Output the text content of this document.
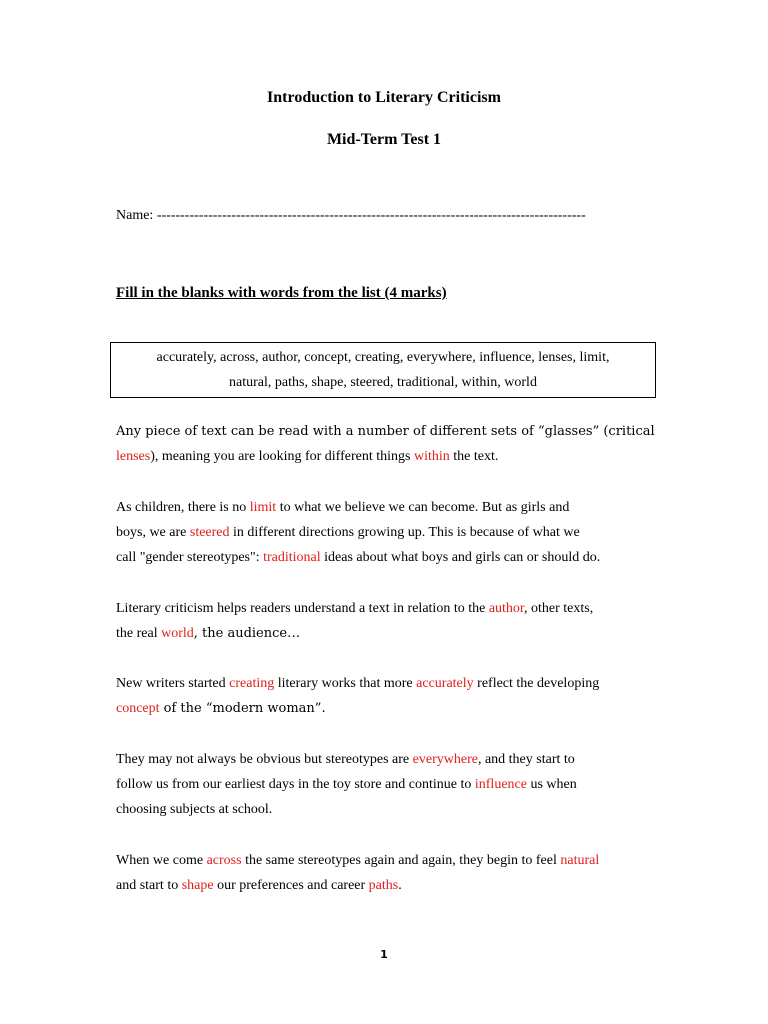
Introduction to Literary Criticism
Mid-Term Test 1
Name: --------------------------------------------------------------------------------------------
Fill in the blanks with words from the list (4 marks)
accurately, across, author, concept, creating, everywhere, influence, lenses, limit,
natural, paths, shape, steered, traditional, within, world
Any piece of text can be read with a number of different sets of “glasses” (critical
lenses), meaning you are looking for different things within the text.
As children, there is no limit to what we believe we can become. But as girls and
boys, we are steered in different directions growing up. This is because of what we
call "gender stereotypes": traditional ideas about what boys and girls can or should do.
Literary criticism helps readers understand a text in relation to the author, other texts,
the real world, the audience…
New writers started creating literary works that more accurately reflect the developing
concept of the “modern woman”.
They may not always be obvious but stereotypes are everywhere, and they start to
follow us from our earliest days in the toy store and continue to influence us when
choosing subjects at school.
When we come across the same stereotypes again and again, they begin to feel natural
and start to shape our preferences and career paths.
1
